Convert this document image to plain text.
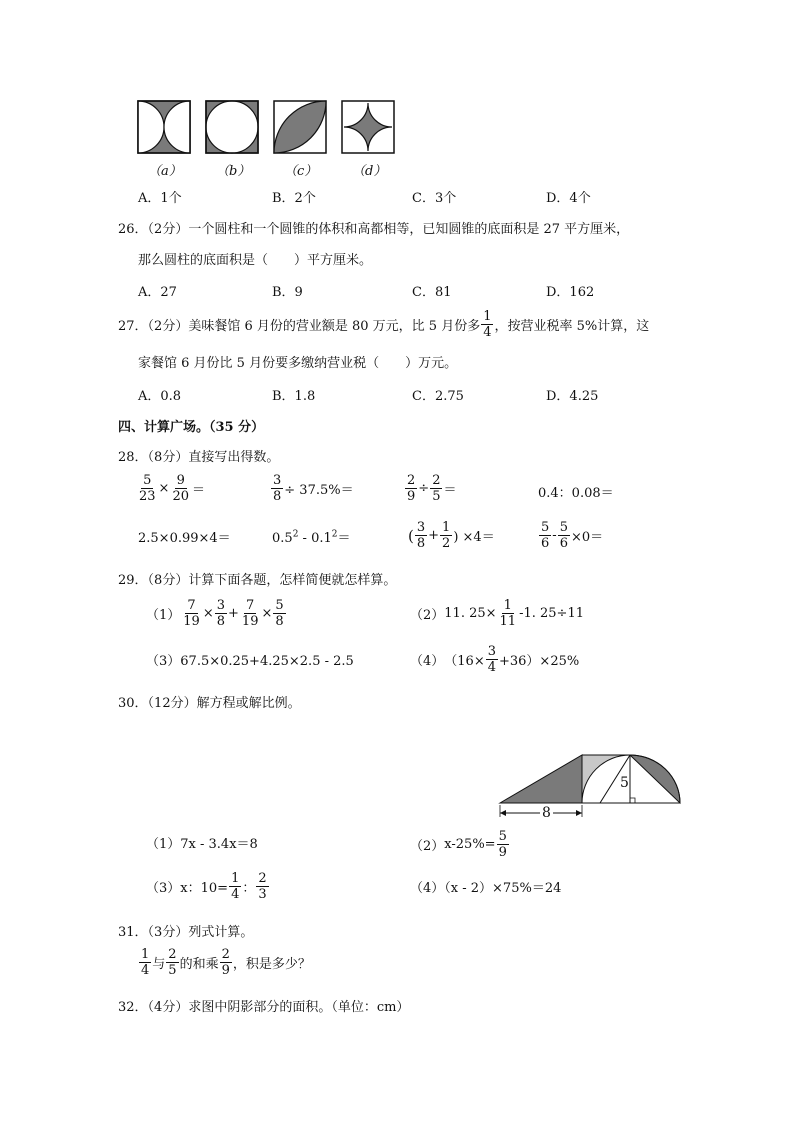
（a）	（b）	（c）	（d）
A．1个	B．2个	C．3个	D．4个
26．（2分）一个圆柱和一个圆锥的体积和高都相等，已知圆锥的底面积是 27 平方厘米，
那么圆柱的底面积是（　　）平方厘米。
A．27	B．9	C．81	D．162
27．（2分）美味餐馆 6 月份的营业额是 80 万元，比 5 月份多 $\frac{1}{4}$ ，按营业税率 5%计算，这
家餐馆 6 月份比 5 月份要多缴纳营业税（　　）万元。
A．0.8	B．1.8	C．2.75	D．4.25
四、计算广场。（35 分）
28．（8分）直接写出得数。
$\frac{5}{23} \times \frac{9}{20}$ ＝	$\frac{3}{8} \div 37.5\%=$	$\frac{2}{9} \div \frac{2}{5}$ ＝	0.4：0.08＝
2.5×0.99×4＝	$0.5^2 - 0.1^2=$	( $\frac{3}{8} + \frac{1}{2}$ ) ×4＝	$\frac{5}{6} - \frac{5}{6} \times 0=$
29．（8分）计算下面各题，怎样简便就怎样算。
$(1) \frac{7}{19} \times \frac{3}{8} + \frac{7}{19} \times \frac{5}{8}$	（2） 11. $25\times \frac{1}{11} -1$. 25÷11
（3）67.5×0.25+4.25×2.5 - 2.5	（4） $(16\times \frac{3}{4} +36)\times 25\%$
30．（12分）解方程或解比例。
5
8
（1）7x - 3.4x＝8	（2） $x-25\%= \frac{5}{9}$
（3） x：$10= \frac{1}{4}$ ： $\frac{2}{3}$	（4）（x - 2）×75%＝24
31．（3分）列式计算。
$\frac{1}{4}$ 与 $\frac{2}{5}$ 的和乘 $\frac{2}{9}$ ，积是多少？
32．（4分）求图中阴影部分的面积。（单位：cm）
